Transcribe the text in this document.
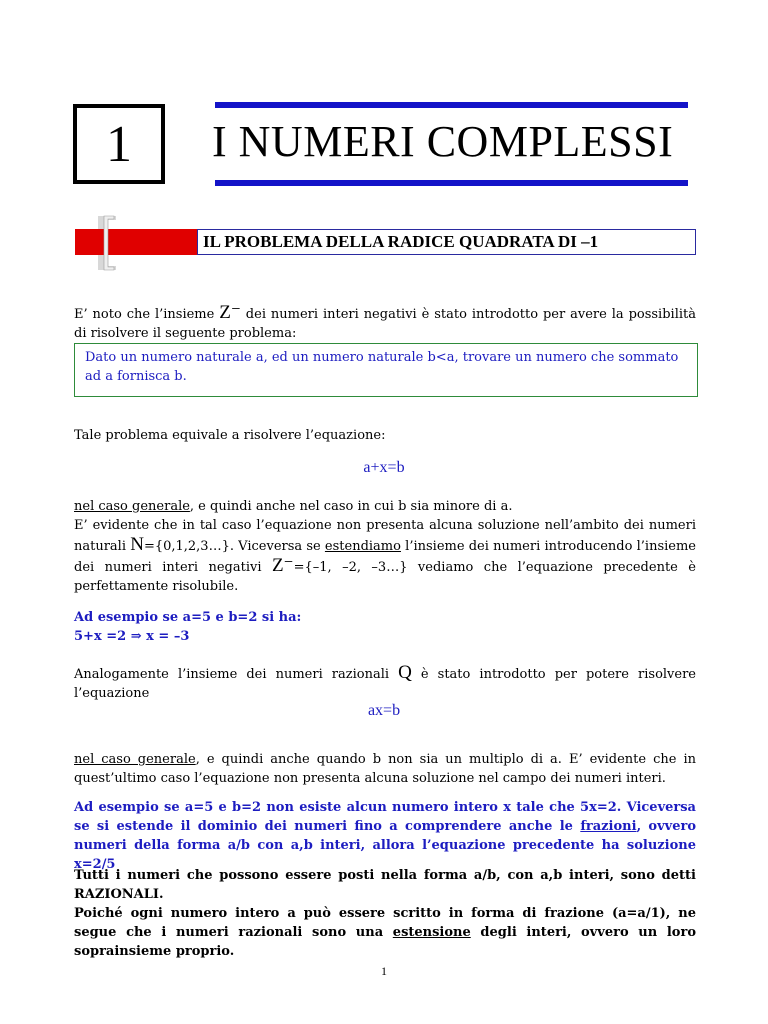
1 I NUMERI COMPLESSI
IL PROBLEMA DELLA RADICE QUADRATA DI –1
E’ noto che l’insieme Z⁻ dei numeri interi negativi è stato introdotto per avere la possibilità di risolvere il seguente problema:
Dato un numero naturale a, ed un numero naturale b<a, trovare un numero che sommato ad a fornisca b.
Tale problema equivale a risolvere l’equazione:
a+x=b
nel caso generale, e quindi anche nel caso in cui b sia minore di a.
E’ evidente che in tal caso l’equazione non presenta alcuna soluzione nell’ambito dei numeri naturali N={0,1,2,3…}. Viceversa se estendiamo l’insieme dei numeri introducendo l’insieme dei numeri interi negativi Z⁻={–1, –2, –3…} vediamo che l’equazione precedente è perfettamente risolubile.
Ad esempio se a=5 e b=2 si ha:
5+x =2 ⇒ x = –3
Analogamente l’insieme dei numeri razionali Q è stato introdotto per potere risolvere l’equazione
ax=b
nel caso generale, e quindi anche quando b non sia un multiplo di a. E’ evidente che in quest’ultimo caso l’equazione non presenta alcuna soluzione nel campo dei numeri interi.
Ad esempio se a=5 e b=2 non esiste alcun numero intero x tale che 5x=2. Viceversa se si estende il dominio dei numeri fino a comprendere anche le frazioni, ovvero numeri della forma a/b con a,b interi, allora l’equazione precedente ha soluzione x=2/5
Tutti i numeri che possono essere posti nella forma a/b, con a,b interi, sono detti RAZIONALI.
Poiché ogni numero intero a può essere scritto in forma di frazione (a=a/1), ne segue che i numeri razionali sono una estensione degli interi, ovvero un loro soprainsieme proprio.
1
